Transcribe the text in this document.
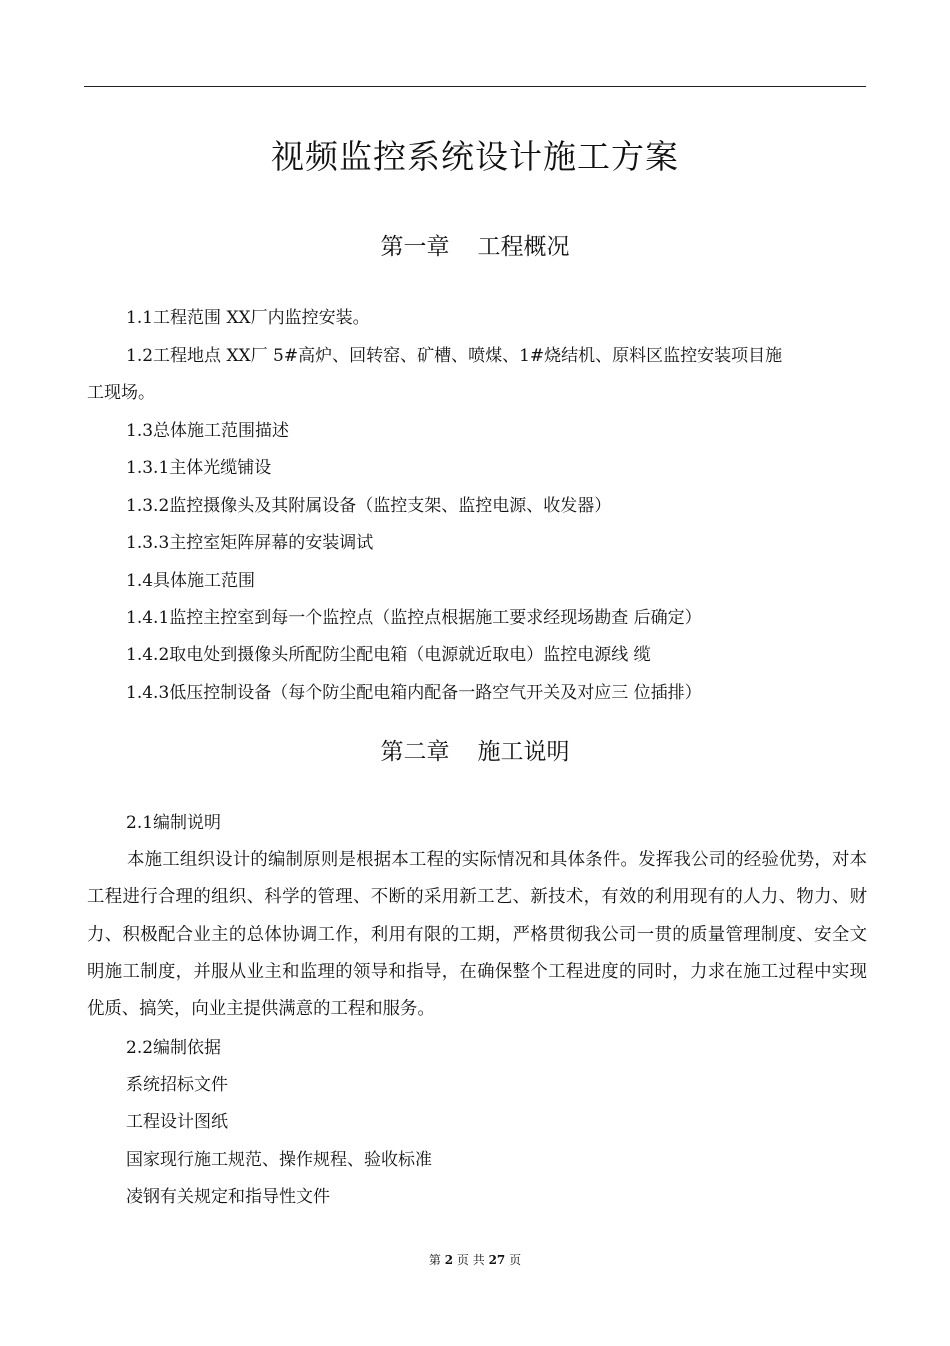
视频监控系统设计施工方案
第一章 工程概况

1.1工程范围 XX厂内监控安装。

1.2工程地点 XX厂 5#高炉、回转窑、矿槽、喷煤、1#烧结机、原料区监控安装项目施

工现场。

1.3总体施工范围描述

1.3.1主体光缆铺设

1.3.2监控摄像头及其附属设备（监控支架、监控电源、收发器）

1.3.3主控室矩阵屏幕的安装调试

1.4具体施工范围

1.4.1监控主控室到每一个监控点（监控点根据施工要求经现场勘查 后确定）

1.4.2取电处到摄像头所配防尘配电箱（电源就近取电）监控电源线 缆

1.4.3低压控制设备（每个防尘配电箱内配备一路空气开关及对应三 位插排）

第二章 施工说明

2.1编制说明

本施工组织设计的编制原则是根据本工程的实际情况和具体条件。发挥我公司的经验优势，对本工程进行合理的组织、科学的管理、不断的采用新工艺、新技术，有效的利用现有的人力、物力、财力、积极配合业主的总体协调工作，利用有限的工期，严格贯彻我公司一贯的质量管理制度、安全文明施工制度，并服从业主和监理的领导和指导，在确保整个工程进度的同时，力求在施工过程中实现优质、搞笑，向业主提供满意的工程和服务。

2.2编制依据

系统招标文件

工程设计图纸

国家现行施工规范、操作规程、验收标准

凌钢有关规定和指导性文件

第 2 页 共 27 页
